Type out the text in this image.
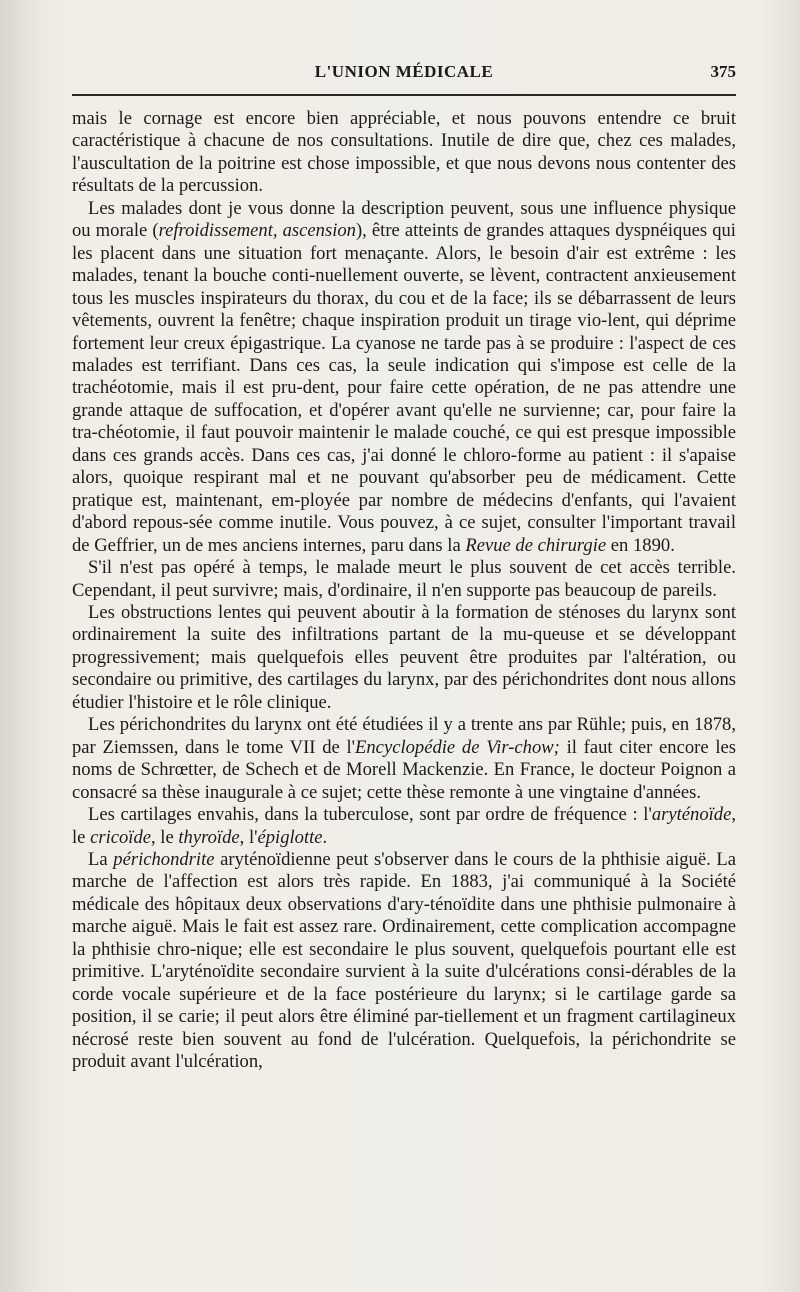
L'UNION MÉDICALE	375

mais le cornage est encore bien appréciable, et nous pouvons entendre ce bruit caractéristique à chacune de nos consultations. Inutile de dire que, chez ces malades, l'auscultation de la poitrine est chose impossible, et que nous devons nous contenter des résultats de la percussion.

Les malades dont je vous donne la description peuvent, sous une influence physique ou morale (refroidissement, ascension), être atteints de grandes attaques dyspnéiques qui les placent dans une situation fort menaçante. Alors, le besoin d'air est extrême : les malades, tenant la bouche conti-nuellement ouverte, se lèvent, contractent anxieusement tous les muscles inspirateurs du thorax, du cou et de la face; ils se débarrassent de leurs vêtements, ouvrent la fenêtre; chaque inspiration produit un tirage vio-lent, qui déprime fortement leur creux épigastrique. La cyanose ne tarde pas à se produire : l'aspect de ces malades est terrifiant. Dans ces cas, la seule indication qui s'impose est celle de la trachéotomie, mais il est pru-dent, pour faire cette opération, de ne pas attendre une grande attaque de suffocation, et d'opérer avant qu'elle ne survienne; car, pour faire la tra-chéotomie, il faut pouvoir maintenir le malade couché, ce qui est presque impossible dans ces grands accès. Dans ces cas, j'ai donné le chloro-forme au patient : il s'apaise alors, quoique respirant mal et ne pouvant qu'absorber peu de médicament. Cette pratique est, maintenant, em-ployée par nombre de médecins d'enfants, qui l'avaient d'abord repous-sée comme inutile. Vous pouvez, à ce sujet, consulter l'important travail de Geffrier, un de mes anciens internes, paru dans la Revue de chirurgie en 1890.

S'il n'est pas opéré à temps, le malade meurt le plus souvent de cet accès terrible. Cependant, il peut survivre; mais, d'ordinaire, il n'en supporte pas beaucoup de pareils.

Les obstructions lentes qui peuvent aboutir à la formation de sténoses du larynx sont ordinairement la suite des infiltrations partant de la mu-queuse et se développant progressivement; mais quelquefois elles peuvent être produites par l'altération, ou secondaire ou primitive, des cartilages du larynx, par des périchondrites dont nous allons étudier l'histoire et le rôle clinique.

Les périchondrites du larynx ont été étudiées il y a trente ans par Rühle; puis, en 1878, par Ziemssen, dans le tome VII de l'Encyclopédie de Vir-chow; il faut citer encore les noms de Schrœtter, de Schech et de Morell Mackenzie. En France, le docteur Poignon a consacré sa thèse inaugurale à ce sujet; cette thèse remonte à une vingtaine d'années.

Les cartilages envahis, dans la tuberculose, sont par ordre de fréquence : l'aryténoïde, le cricoïde, le thyroïde, l'épiglotte.

La périchondrite aryténoïdienne peut s'observer dans le cours de la phthisie aiguë. La marche de l'affection est alors très rapide. En 1883, j'ai communiqué à la Société médicale des hôpitaux deux observations d'ary-ténoïdite dans une phthisie pulmonaire à marche aiguë. Mais le fait est assez rare. Ordinairement, cette complication accompagne la phthisie chro-nique; elle est secondaire le plus souvent, quelquefois pourtant elle est primitive. L'aryténoïdite secondaire survient à la suite d'ulcérations consi-dérables de la corde vocale supérieure et de la face postérieure du larynx; si le cartilage garde sa position, il se carie; il peut alors être éliminé par-tiellement et un fragment cartilagineux nécrosé reste bien souvent au fond de l'ulcération. Quelquefois, la périchondrite se produit avant l'ulcération,
